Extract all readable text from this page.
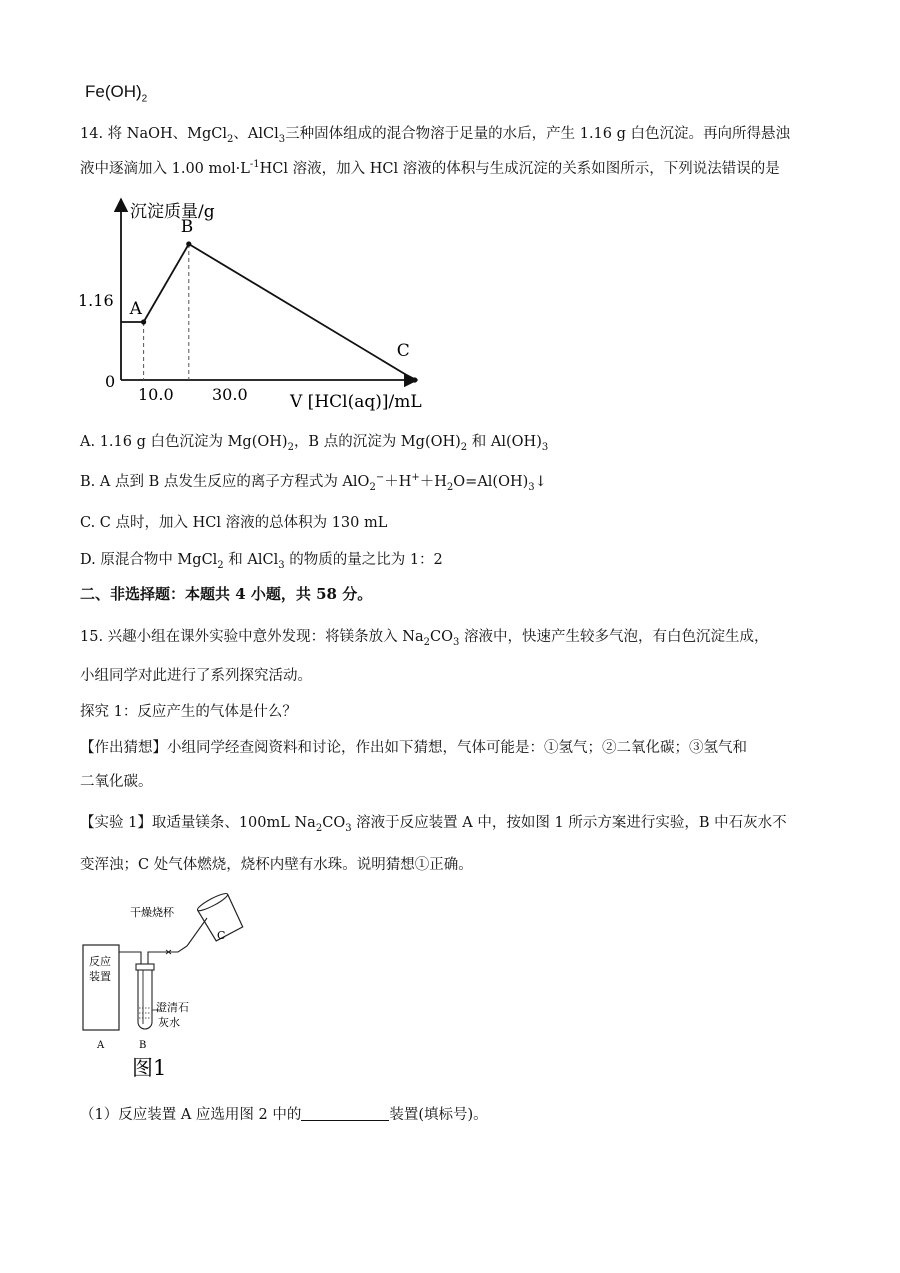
$Fe(OH)_2$
14. 将 NaOH、MgCl$_2$、AlCl$_3$三种固体组成的混合物溶于足量的水后，产生 1.16 g 白色沉淀。再向所得悬浊
液中逐滴加入 1.00 $mol\cdot L^{-1}HCl$ 溶液，加入 HCl 溶液的体积与生成沉淀的关系如图所示，下列说法错误的是
沉淀质量/g
V [HCl(aq)]/mL
0
1.16
10.0 30.0
A
B
C
A. 1.16 g 白色沉淀为 $Mg(OH)_2$，B 点的沉淀为 $Mg(OH)_2$ 和 $Al(OH)_3$
B. A 点到 B 点发生反应的离子方程式为 $AlO_2^-+H^++H_2O=Al(OH)_3↓$
C. C 点时，加入 HCl 溶液的总体积为 130 mL
D. 原混合物中 MgCl$_2$ 和 AlCl$_3$ 的物质的量之比为 1：2
二、非选择题：本题共 4 小题，共 58 分。
15. 兴趣小组在课外实验中意外发现：将镁条放入 $Na_2CO_3$ 溶液中，快速产生较多气泡，有白色沉淀生成，
小组同学对此进行了系列探究活动。
探究 1：反应产生的气体是什么？
【作出猜想】小组同学经查阅资料和讨论，作出如下猜想，气体可能是：①氢气；②二氧化碳；③氢气和
二氧化碳。
【实验 1】取适量镁条、100mL $Na_2CO_3$ 溶液于反应装置 A 中，按如图 1 所示方案进行实验，B 中石灰水不
变浑浊；C 处气体燃烧，烧杯内壁有水珠。说明猜想①正确。
干燥烧杯
C
反应
装置
澄清石
灰水
A	B
图1
（1）反应装置 A 应选用图 2 中的	装置(填标号)。
